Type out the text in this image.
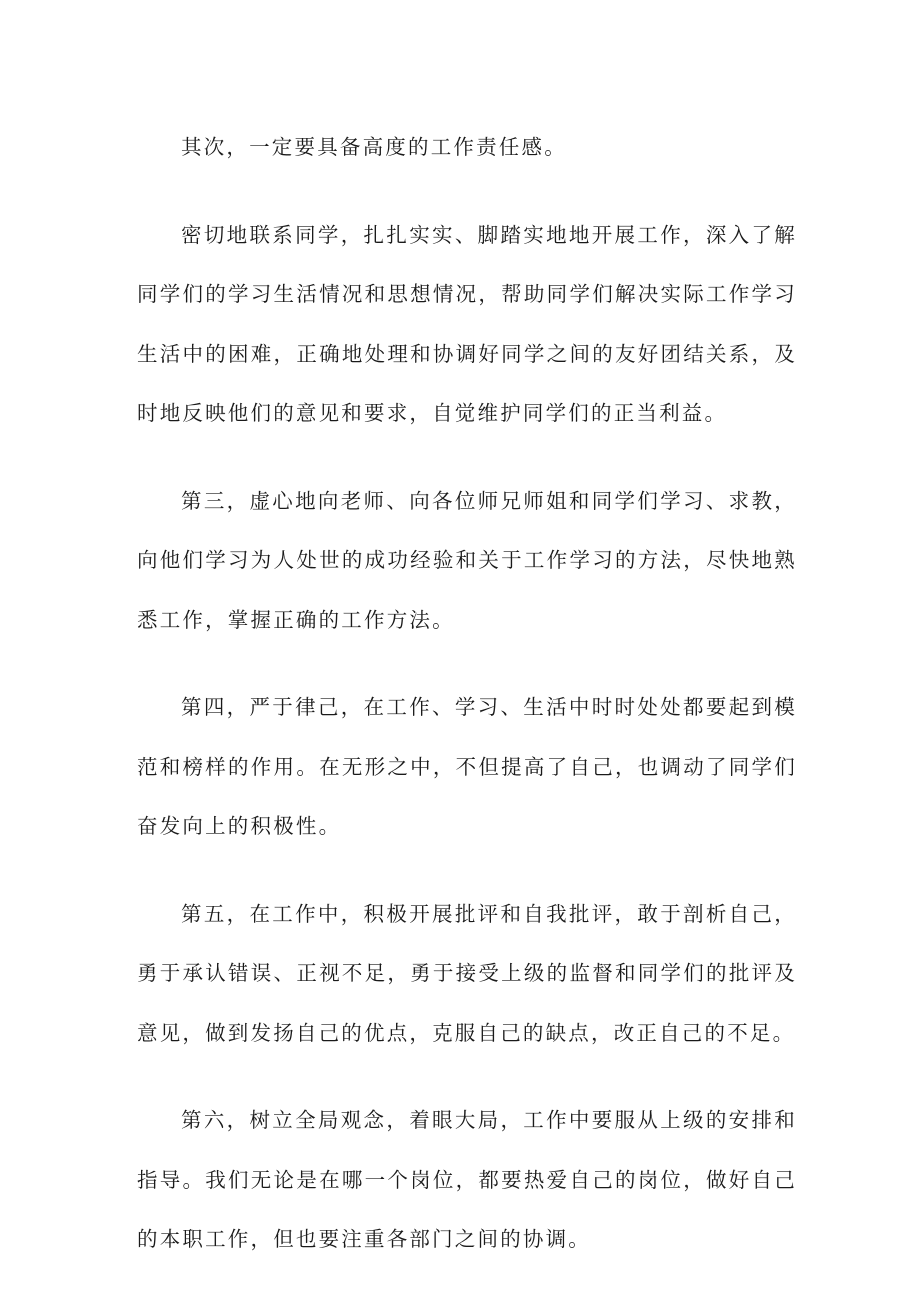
其次，一定要具备高度的工作责任感。

密切地联系同学，扎扎实实、脚踏实地地开展工作，深入了解同学们的学习生活情况和思想情况，帮助同学们解决实际工作学习生活中的困难，正确地处理和协调好同学之间的友好团结关系，及时地反映他们的意见和要求，自觉维护同学们的正当利益。

第三，虚心地向老师、向各位师兄师姐和同学们学习、求教，向他们学习为人处世的成功经验和关于工作学习的方法，尽快地熟悉工作，掌握正确的工作方法。

第四，严于律己，在工作、学习、生活中时时处处都要起到模范和榜样的作用。在无形之中，不但提高了自己，也调动了同学们奋发向上的积极性。

第五，在工作中，积极开展批评和自我批评，敢于剖析自己，勇于承认错误、正视不足，勇于接受上级的监督和同学们的批评及意见，做到发扬自己的优点，克服自己的缺点，改正自己的不足。

第六，树立全局观念，着眼大局，工作中要服从上级的安排和指导。我们无论是在哪一个岗位，都要热爱自己的岗位，做好自己的本职工作，但也要注重各部门之间的协调。
